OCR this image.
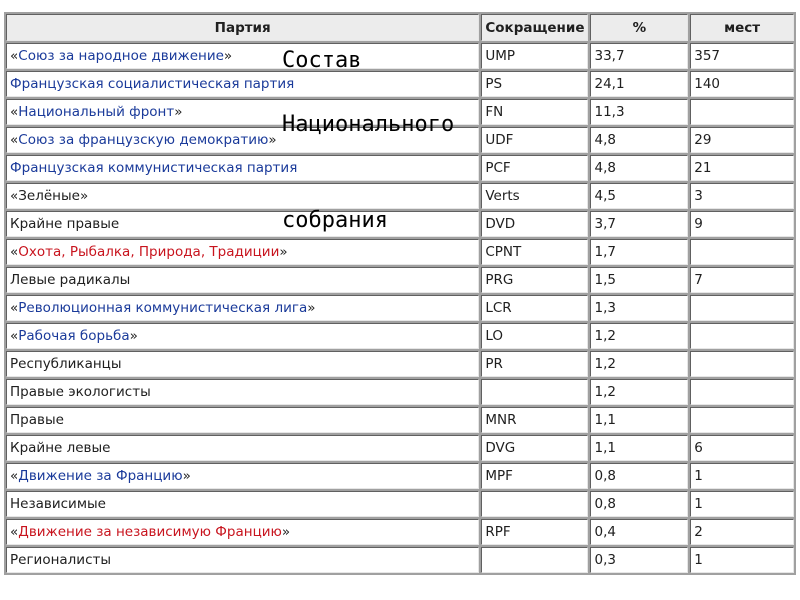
Партия	Сокращение	%	мест
«Союз за народное движение»	UMP	33,7	357
Французская социалистическая партия	PS	24,1	140
«Национальный фронт»	FN	11,3	
«Союз за французскую демократию»	UDF	4,8	29
Французская коммунистическая партия	PCF	4,8	21
«Зелёные»	Verts	4,5	3
Крайне правые	DVD	3,7	9
«Охота, Рыбалка, Природа, Традиции»	CPNT	1,7	
Левые радикалы	PRG	1,5	7
«Революционная коммунистическая лига»	LCR	1,3	
«Рабочая борьба»	LO	1,2	
Республиканцы	PR	1,2	
Правые экологисты		1,2	
Правые	MNR	1,1	
Крайне левые	DVG	1,1	6
«Движение за Францию»	MPF	0,8	1
Независимые		0,8	1
«Движение за независимую Францию»	RPF	0,4	2
Регионалисты		0,3	1
Состав
Национального
собрания
